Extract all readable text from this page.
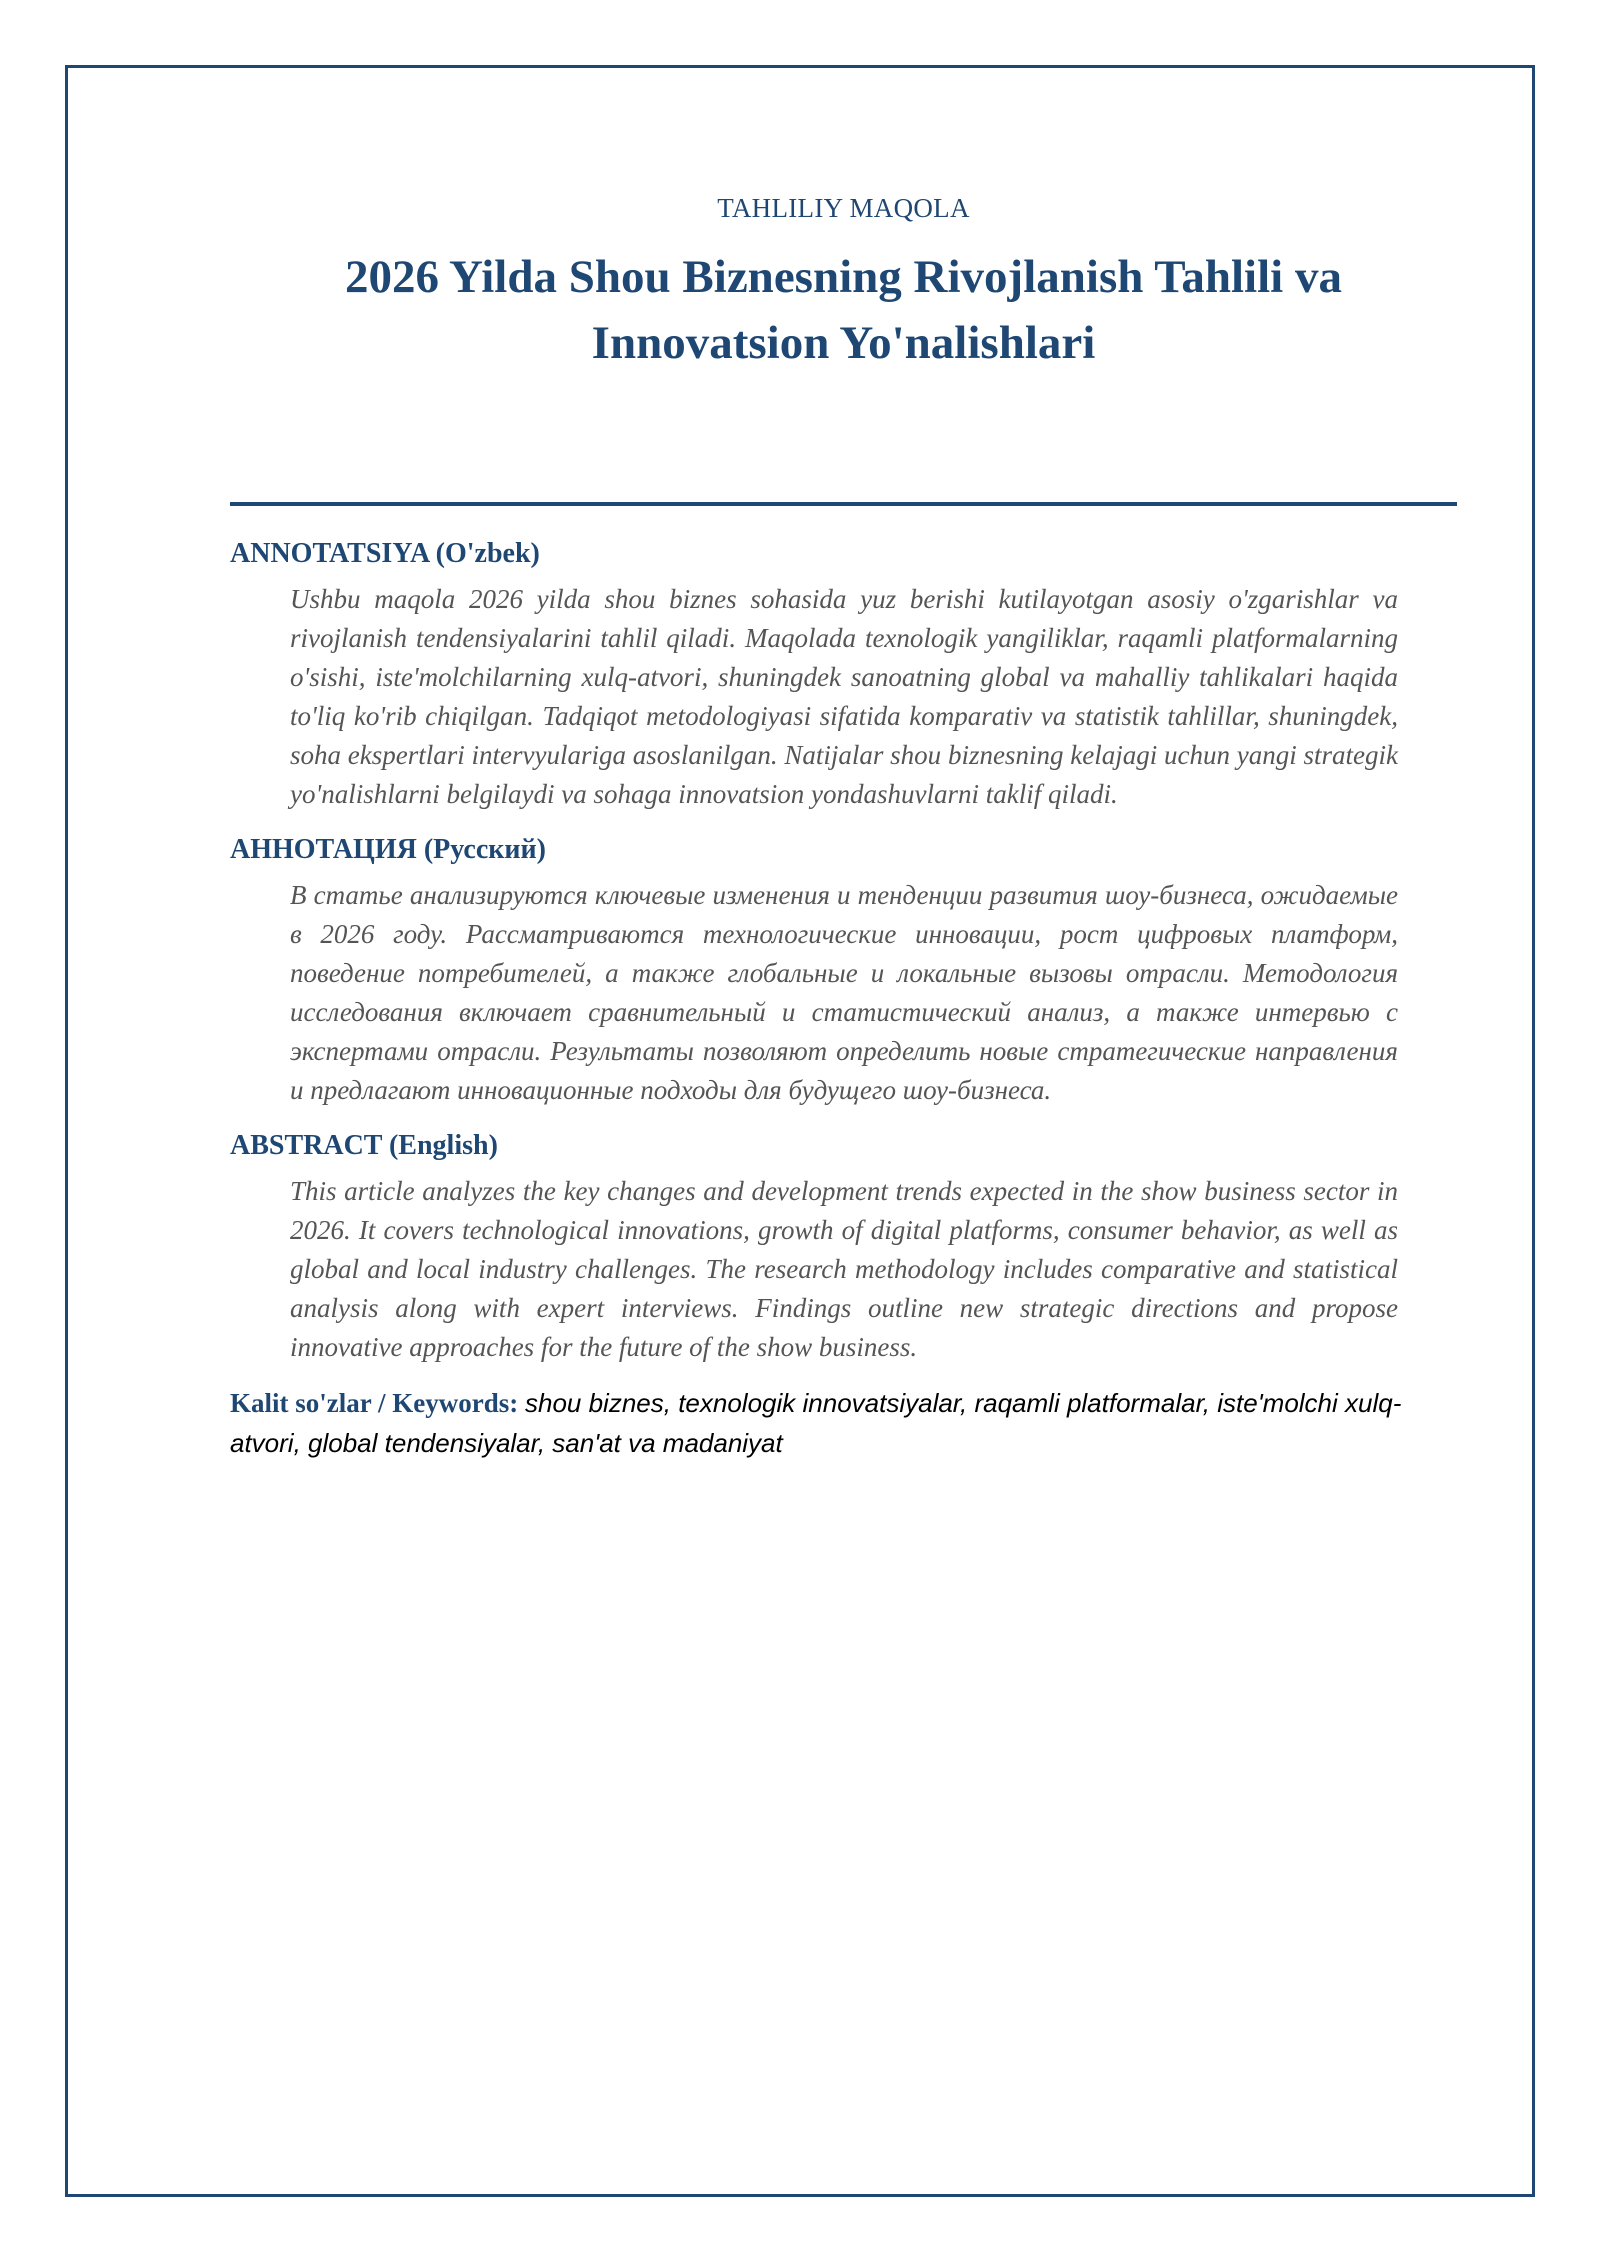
TAHLILIY MAQOLA

2026 Yilda Shou Biznesning Rivojlanish Tahlili va Innovatsion Yo'nalishlari
ANNOTATSIYA (O'zbek)

Ushbu maqola 2026 yilda shou biznes sohasida yuz berishi kutilayotgan asosiy o'zgarishlar va rivojlanish tendensiyalarini tahlil qiladi. Maqolada texnologik yangiliklar, raqamli platformalarning o'sishi, iste'molchilarning xulq-atvori, shuningdek sanoatning global va mahalliy tahlikalari haqida to'liq ko'rib chiqilgan. Tadqiqot metodologiyasi sifatida komparativ va statistik tahlillar, shuningdek, soha ekspertlari intervyulariga asoslanilgan. Natijalar shou biznesning kelajagi uchun yangi strategik yo'nalishlarni belgilaydi va sohaga innovatsion yondashuvlarni taklif qiladi.

АННОТАЦИЯ (Русский)

В статье анализируются ключевые изменения и тенденции развития шоу-бизнеса, ожидаемые в 2026 году. Рассматриваются технологические инновации, рост цифровых платформ, поведение потребителей, а также глобальные и локальные вызовы отрасли. Методология исследования включает сравнительный и статистический анализ, а также интервью с экспертами отрасли. Результаты позволяют определить новые стратегические направления и предлагают инновационные подходы для будущего шоу-бизнеса.

ABSTRACT (English)

This article analyzes the key changes and development trends expected in the show business sector in 2026. It covers technological innovations, growth of digital platforms, consumer behavior, as well as global and local industry challenges. The research methodology includes comparative and statistical analysis along with expert interviews. Findings outline new strategic directions and propose innovative approaches for the future of the show business.

Kalit so'zlar / Keywords: shou biznes, texnologik innovatsiyalar, raqamli platformalar, iste'molchi xulq-atvori, global tendensiyalar, san'at va madaniyat
